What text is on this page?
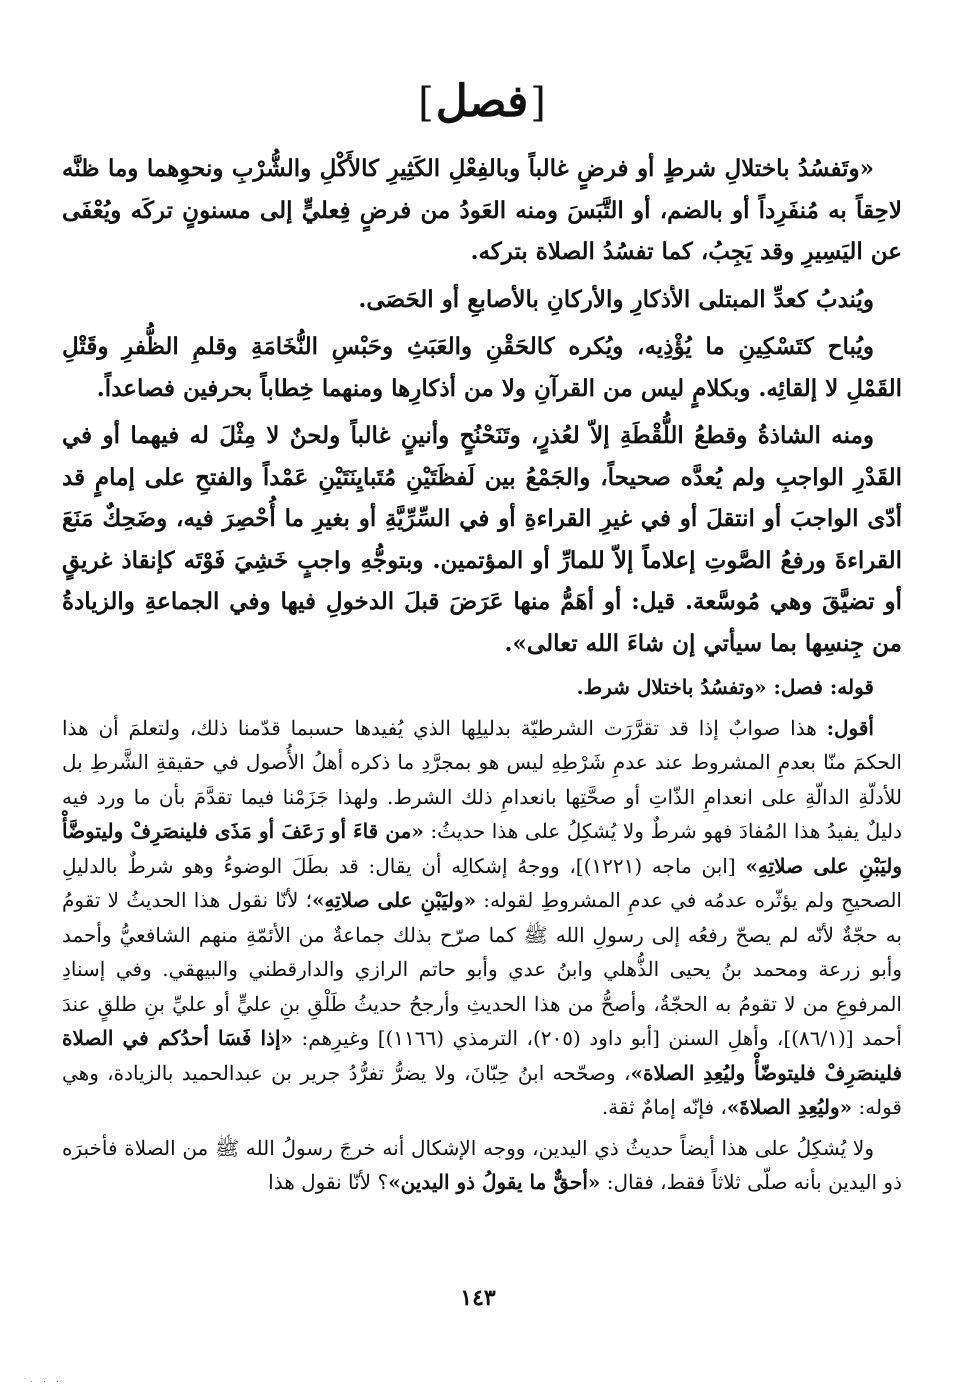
[فصل]

«وتَفسُدُ باختلالِ شرطٍ أو فرضٍ غالباً وبالفِعْلِ الكَثِيرِ كالأَكْلِ والشُّرْبِ ونحوِهما وما ظنَّه لاحِقاً به مُنفَرِداً أو بالضم، أو التَّبَسَ ومنه العَودُ من فرضٍ فِعليٍّ إلى مسنونٍ تركَه ويُعْفَى عن اليَسِيرِ وقد يَجِبُ، كما تفسُدُ الصلاة بتركه.

ويُندبُ كعدِّ المبتلى الأذكارِ والأركانِ بالأصابعِ أو الحَصَى.

ويُباح كتَسْكِينِ ما يُؤْذِيه، ويُكره كالحَقْنِ والعَبَثِ وحَبْسِ النُّخَامَةِ وقلمِ الظُّفرِ وقَتْلِ القَمْلِ لا إلقائِه. وبكلامٍ ليس من القرآنِ ولا من أذكارِها ومنهما خِطاباً بحرفين فصاعداً.

ومنه الشاذةُ وقطعُ اللُّقْطَةِ إلاّ لعُذرٍ، وتَنَحْنُحٍ وأنينٍ غالباً ولحنٌ لا مِثْلَ له فيهما أو في القَدْرِ الواجبِ ولم يُعدَّه صحيحاً، والجَمْعُ بين لَفظَتَيْنِ مُتَبايِنَتَيْنِ عَمْداً والفتحِ على إمامٍ قد أدّى الواجبَ أو انتقلَ أو في غيرِ القراءةِ أو في السِّرِّيَّةِ أو بغيرِ ما أُحْصِرَ فيه، وضَحِكٌ مَنَعَ القراءةَ ورفعُ الصَّوتِ إعلاماً إلاّ للمارِّ أو المؤتمين. وبتوجُّهِ واجبٍ خَشِيَ فَوْتَه كإنقاذ غريقٍ أو تضيَّقَ وهي مُوسَّعة. قيل: أو أهَمُّ منها عَرَضَ قبلَ الدخولِ فيها وفي الجماعةِ والزيادةُ من جِنسِها بما سيأتي إن شاءَ الله تعالى».

قوله: فصل: «وتفسُدُ باختلال شرط.

أقول: هذا صوابٌ إذا قد تقرَّرَت الشرطيّة بدليلِها الذي يُفيدها حسبما قدّمنا ذلك، ولتعلمَ أن هذا الحكمَ منّا بعدمِ المشروط عند عدمِ شَرْطِهِ ليس هو بمجرَّدِ ما ذكره أهلُ الأُصول في حقيقةِ الشَّرطِ بل للأدلّةِ الدالّةِ على انعدامِ الذّاتِ أو صحَّتِها بانعدامِ ذلك الشرط. ولهذا جَزَمْنا فيما تقدَّمَ بأن ما ورد فيه دليلٌ يفيدُ هذا المُفادَ فهو شرطٌ ولا يُشكِلُ على هذا حديثُ: «من قاءَ أو رَعَفَ أو مَذَى فلينصَرِفْ وليتوضَّأْ وليَبْنِ على صلاتِهِ» [ابن ماجه (١٢٢١)]، ووجهُ إشكالِه أن يقال: قد بطَلَ الوضوءُ وهو شرطٌ بالدليلِ الصحيحِ ولم يؤثّره عدمُه في عدمِ المشروطِ لقوله: «وليَبْنِ على صلاتِهِ»؛ لأنّا نقول هذا الحديثُ لا تقومُ به حجّةٌ لأنّه لم يصحّ رفعُه إلى رسولِ الله ﷺ كما صرّح بذلك جماعةٌ من الأئمّةِ منهم الشافعيُّ وأحمد وأبو زرعة ومحمد بنُ يحيى الذُّهلي وابنُ عدي وأبو حاتم الرازي والدارقطني والبيهقي. وفي إسنادِ المرفوعِ من لا تقومُ به الحجّةُ، وأصحُّ من هذا الحديثِ وأرجحُ حديثُ طَلْقِ بنِ عليٍّ أو عليِّ بنِ طلقٍ عندَ أحمد [(٨٦/١)]، وأهلِ السنن [أبو داود (٢٠٥)، الترمذي (١١٦٦)] وغيرِهم: «إذا فَسَا أحدُكم في الصلاة فلينصَرِفْ فليتوضّأْ وليُعِدِ الصلاة»، وصحّحه ابنُ حِبّانَ، ولا يضرُّ تفرُّدُ جرير بن عبدالحميد بالزيادة، وهي قوله: «وليُعِدِ الصلاةَ»، فإنّه إمامٌ ثقة.

ولا يُشكِلُ على هذا أيضاً حديثُ ذي اليدين، ووجه الإشكال أنه خرجَ رسولُ الله ﷺ من الصلاة فأخبرَه ذو اليدين بأنه صلّى ثلاثاً فقط، فقال: «أحقٌّ ما يقولُ ذو اليدين»؟ لأنّا نقول هذا

١٤٣
. . .
